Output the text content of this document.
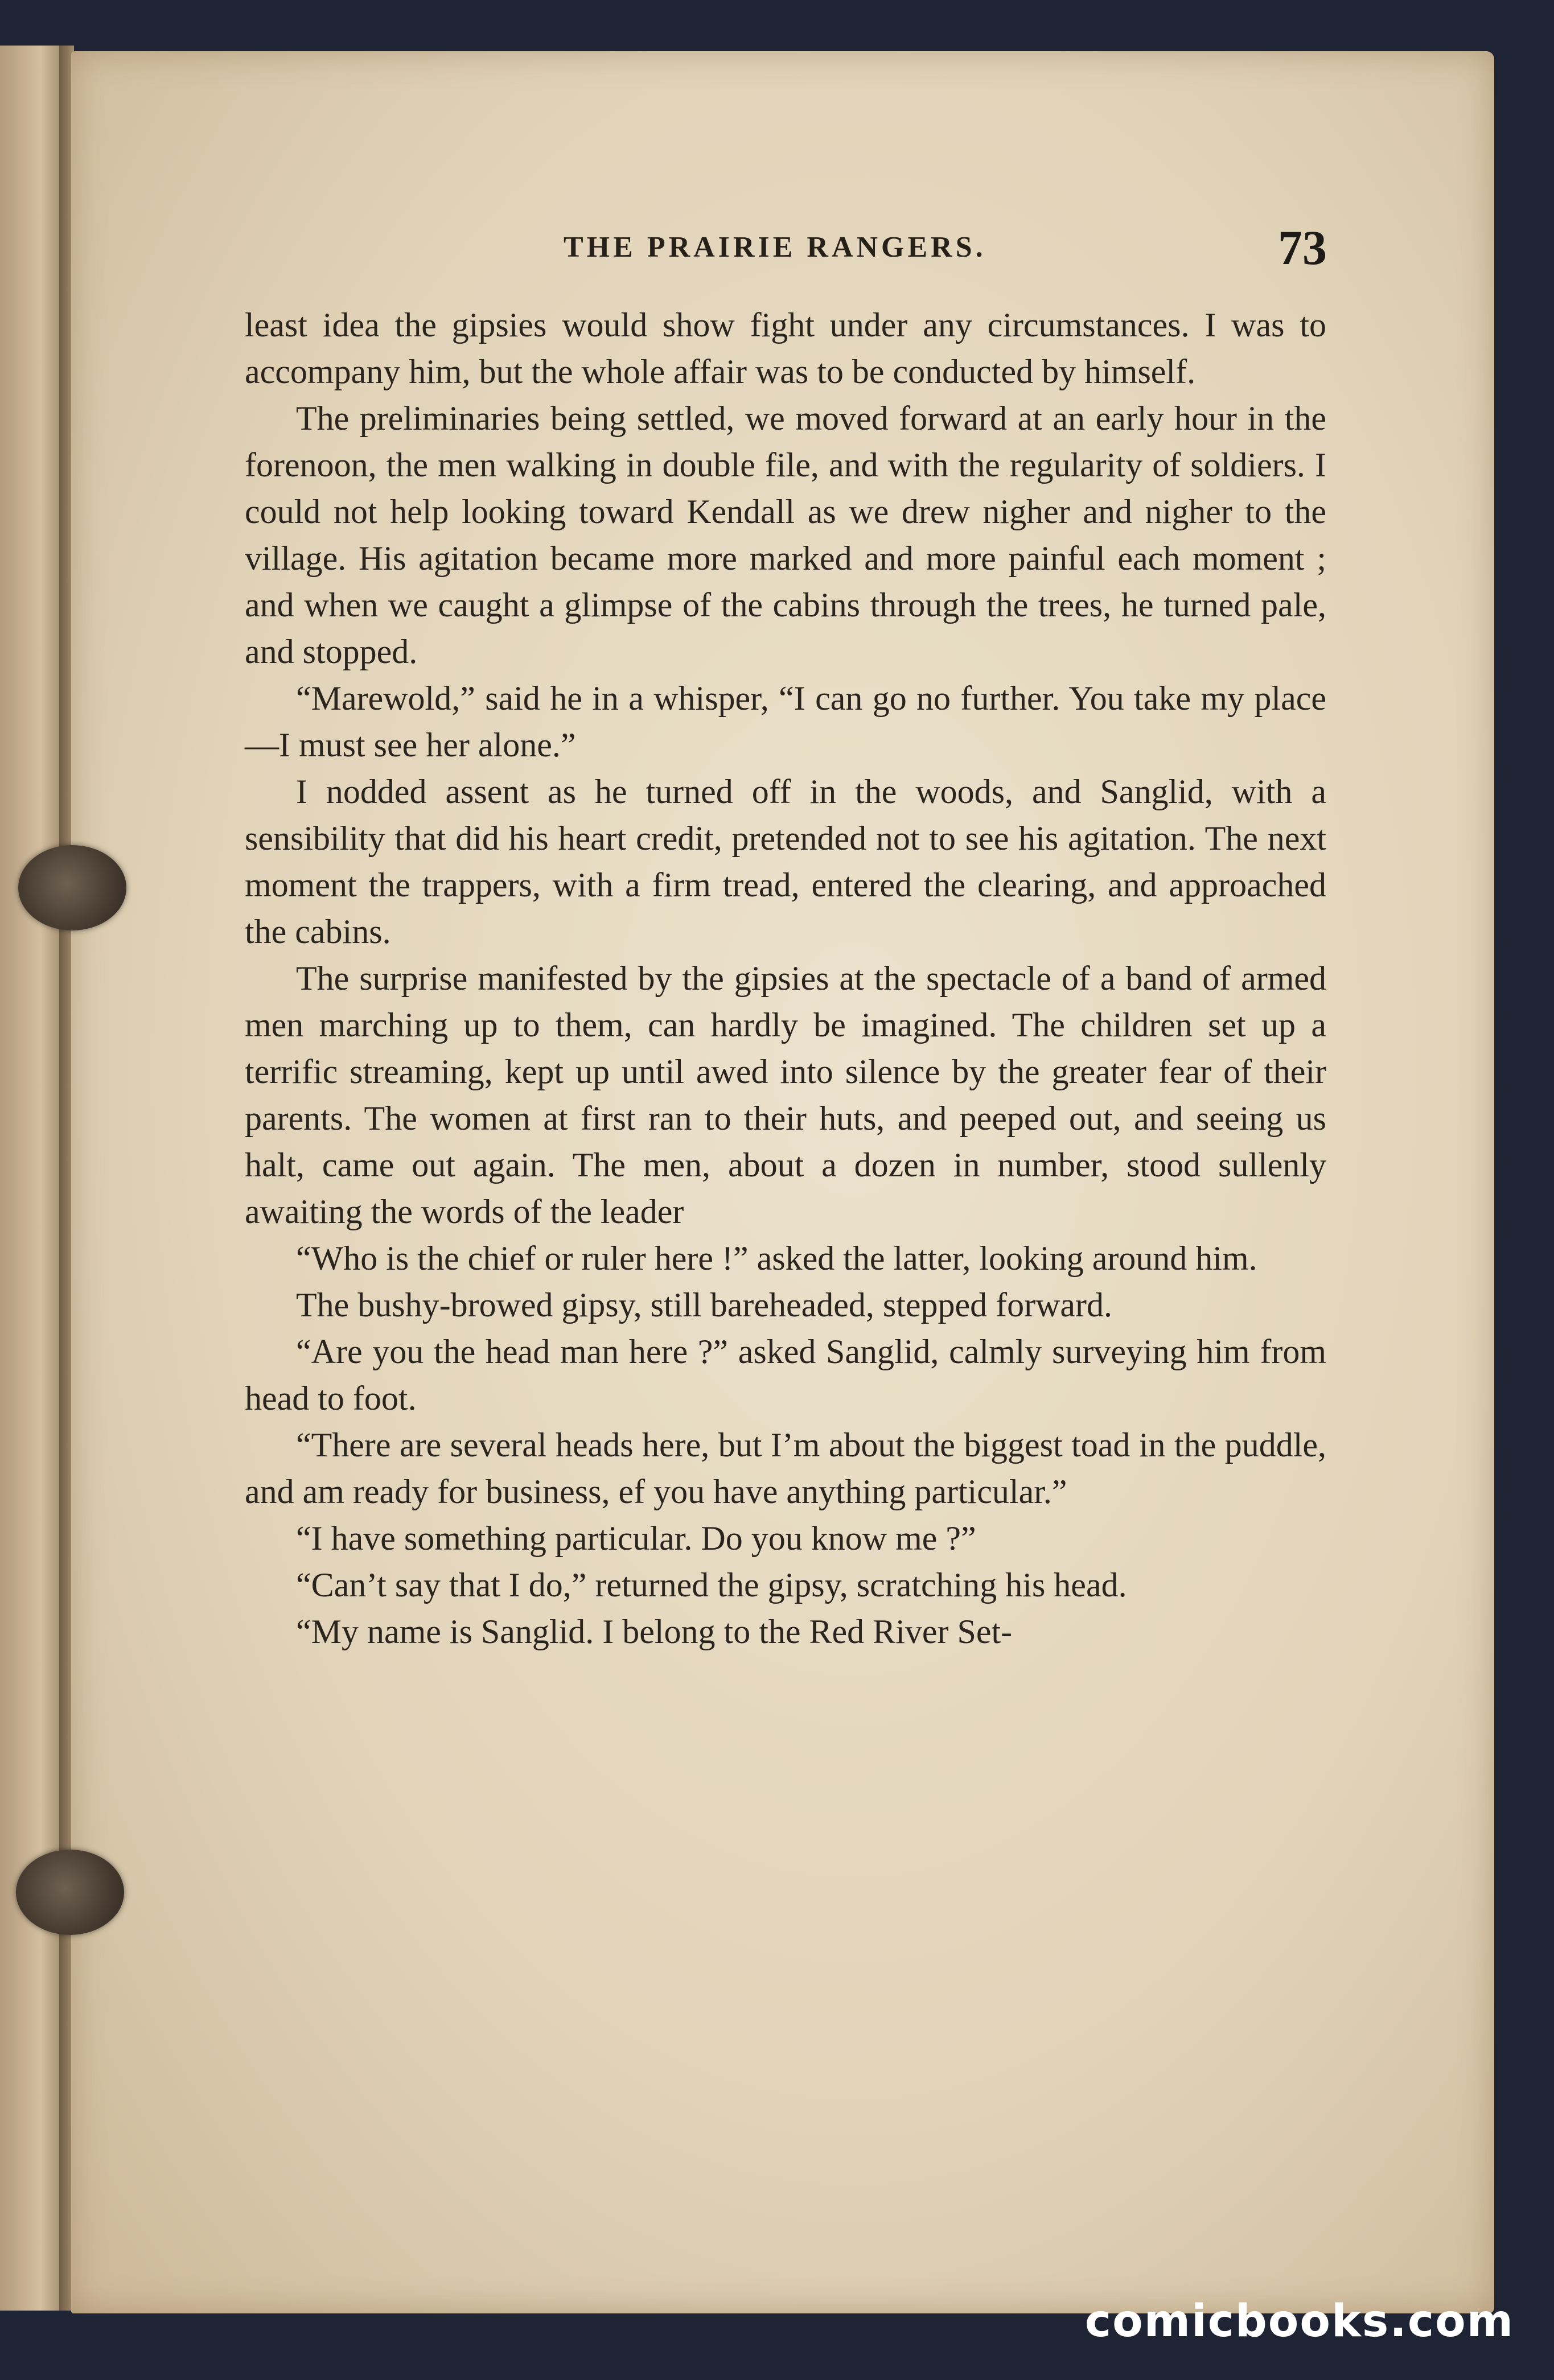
THE PRAIRIE RANGERS.	73

least idea the gipsies would show fight under any circumstances. I was to accompany him, but the whole affair was to be conducted by himself.

The preliminaries being settled, we moved forward at an early hour in the forenoon, the men walking in double file, and with the regularity of soldiers. I could not help looking toward Kendall as we drew nigher and nigher to the village. His agitation became more marked and more painful each moment ; and when we caught a glimpse of the cabins through the trees, he turned pale, and stopped.

“Marewold,” said he in a whisper, “I can go no further. You take my place—I must see her alone.”

I nodded assent as he turned off in the woods, and Sanglid, with a sensibility that did his heart credit, pretended not to see his agitation. The next moment the trappers, with a firm tread, entered the clearing, and approached the cabins.

The surprise manifested by the gipsies at the spectacle of a band of armed men marching up to them, can hardly be imagined. The children set up a terrific streaming, kept up until awed into silence by the greater fear of their parents. The women at first ran to their huts, and peeped out, and seeing us halt, came out again. The men, about a dozen in number, stood sullenly awaiting the words of the leader

“Who is the chief or ruler here !” asked the latter, looking around him.

The bushy-browed gipsy, still bareheaded, stepped forward.

“Are you the head man here ?” asked Sanglid, calmly surveying him from head to foot.

“There are several heads here, but I’m about the biggest toad in the puddle, and am ready for business, ef you have anything particular.”

“I have something particular. Do you know me ?”

“Can’t say that I do,” returned the gipsy, scratching his head.

“My name is Sanglid. I belong to the Red River Set-

comicbooks.com
